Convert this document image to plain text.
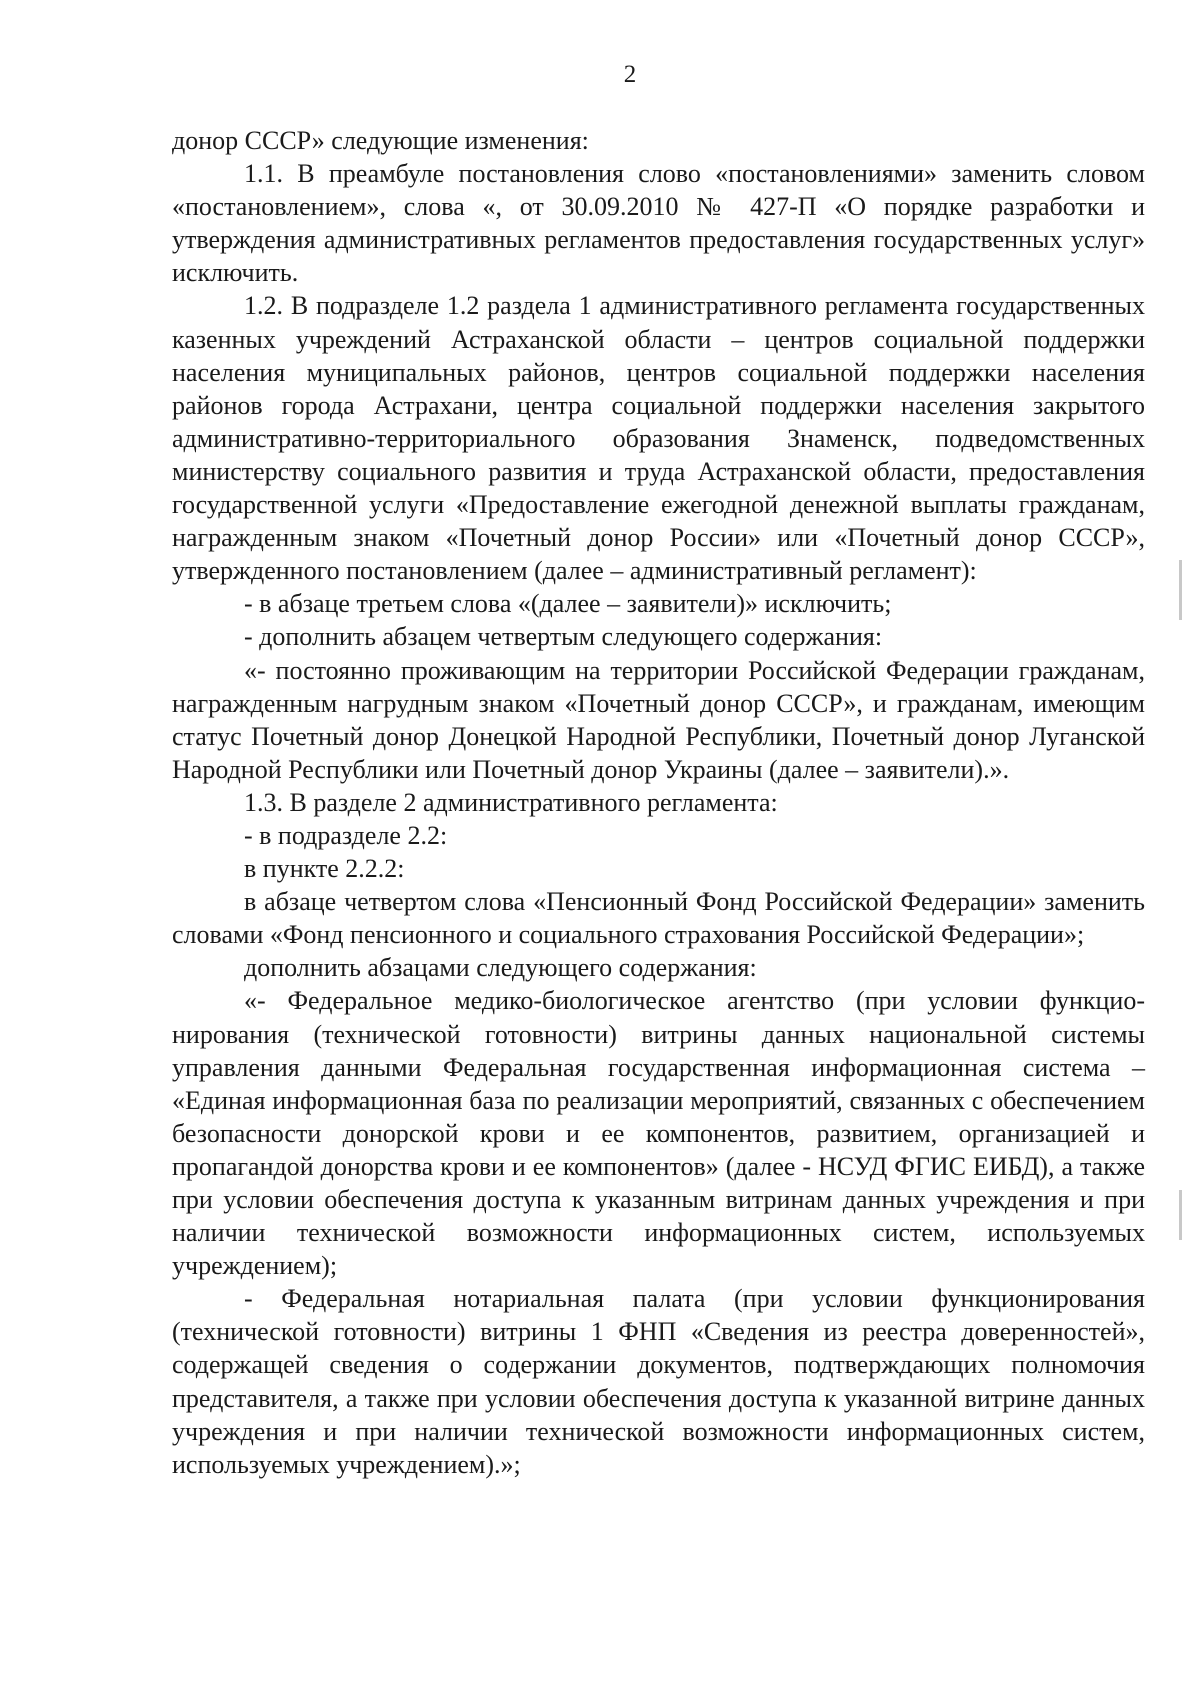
2

донор СССР» следующие изменения:

1.1. В преамбуле постановления слово «постановлениями» заменить словом «постановлением», слова «, от 30.09.2010 № 427-П «О порядке разработки и утверждения административных регламентов предоставления государственных услуг» исключить.

1.2. В подразделе 1.2 раздела 1 административного регламента государственных казенных учреждений Астраханской области – центров социальной поддержки населения муниципальных районов, центров социальной поддержки населения районов города Астрахани, центра социальной поддержки населения закрытого административно-территориального образования Знаменск, подведомственных министерству социального развития и труда Астраханской области, предоставления государственной услуги «Предоставление ежегодной денежной выплаты гражданам, награжденным знаком «Почетный донор России» или «Почетный донор СССР», утвержденного постановлением (далее – административный регламент):

- в абзаце третьем слова «(далее – заявители)» исключить;

- дополнить абзацем четвертым следующего содержания:

«- постоянно проживающим на территории Российской Федерации гражданам, награжденным нагрудным знаком «Почетный донор СССР», и гражданам, имеющим статус Почетный донор Донецкой Народной Республики, Почетный донор Луганской Народной Республики или Почетный донор Украины (далее – заявители).».

1.3. В разделе 2 административного регламента:

- в подразделе 2.2:

в пункте 2.2.2:

в абзаце четвертом слова «Пенсионный Фонд Российской Федерации» заменить словами «Фонд пенсионного и социального страхования Российской Федерации»;

дополнить абзацами следующего содержания:

«- Федеральное медико-биологическое агентство (при условии функционирования (технической готовности) витрины данных национальной системы управления данными Федеральная государственная информационная система – «Единая информационная база по реализации мероприятий, связанных с обеспечением безопасности донорской крови и ее компонентов, развитием, организацией и пропагандой донорства крови и ее компонентов» (далее - НСУД ФГИС ЕИБД), а также при условии обеспечения доступа к указанным витринам данных учреждения и при наличии технической возможности информационных систем, используемых учреждением);

- Федеральная нотариальная палата (при условии функционирования (технической готовности) витрины 1 ФНП «Сведения из реестра доверенностей», содержащей сведения о содержании документов, подтверждающих полномочия представителя, а также при условии обеспечения доступа к указанной витрине данных учреждения и при наличии технической возможности информационных систем, используемых учреждением).»;
